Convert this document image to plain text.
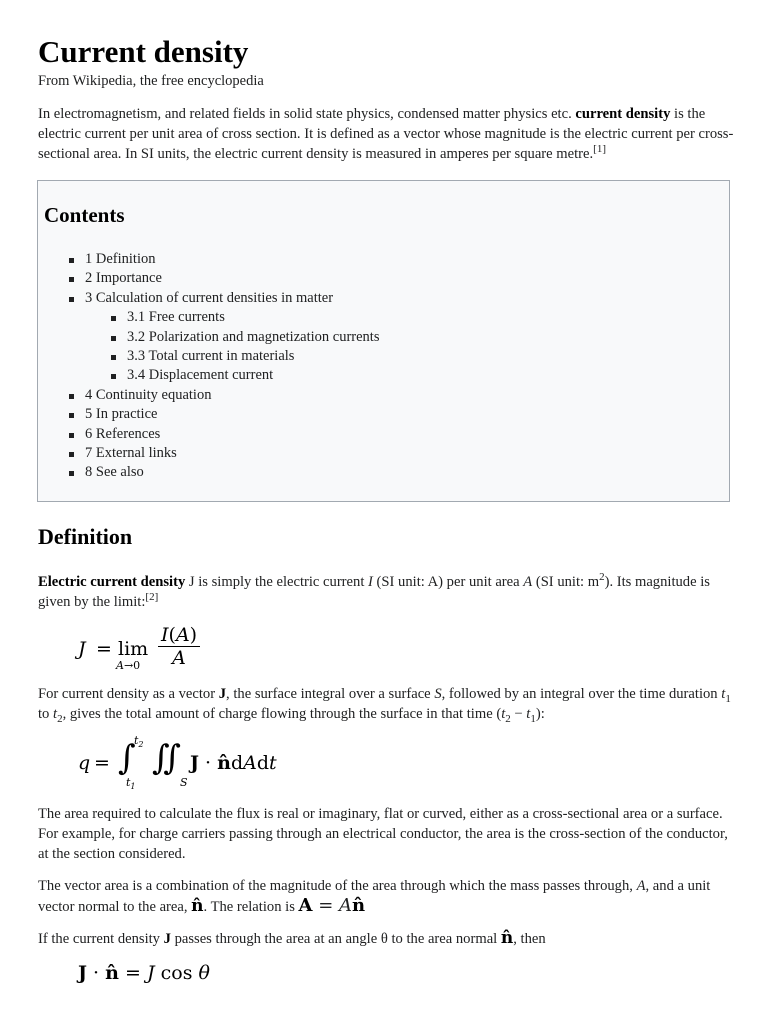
Current density
From Wikipedia, the free encyclopedia

In electromagnetism, and related fields in solid state physics, condensed matter physics etc. current density is the electric current per unit area of cross section. It is defined as a vector whose magnitude is the electric current per cross-sectional area. In SI units, the electric current density is measured in amperes per square metre.[1]

Contents
1 Definition
2 Importance
3 Calculation of current densities in matter
3.1 Free currents
3.2 Polarization and magnetization currents
3.3 Total current in materials
3.4 Displacement current
4 Continuity equation
5 In practice
6 References
7 External links
8 See also
Definition

Electric current density J is simply the electric current I (SI unit: A) per unit area A (SI unit: $m^2$). Its magnitude is given by the limit:[2]

J = lim
$A\to 0 \frac{I(A)}{A}$

For current density as a vector J, the surface integral over a surface S, followed by an integral over the time duration $t_1$ to $t_2$, gives the total amount of charge flowing through the surface in that time $(t_2 - t_1)$:

q = ∫
$t_2$
$t_1$
∬
S
J · n̂dAdt

The area required to calculate the flux is real or imaginary, flat or curved, either as a cross-sectional area or a surface. For example, for charge carriers passing through an electrical conductor, the area is the cross-section of the conductor, at the section considered.

The vector area is a combination of the magnitude of the area through which the mass passes through, A, and a unit vector normal to the area, n̂. The relation is A = An̂

If the current density J passes through the area at an angle θ to the area normal n̂, then

J · n̂ = J cos θ
